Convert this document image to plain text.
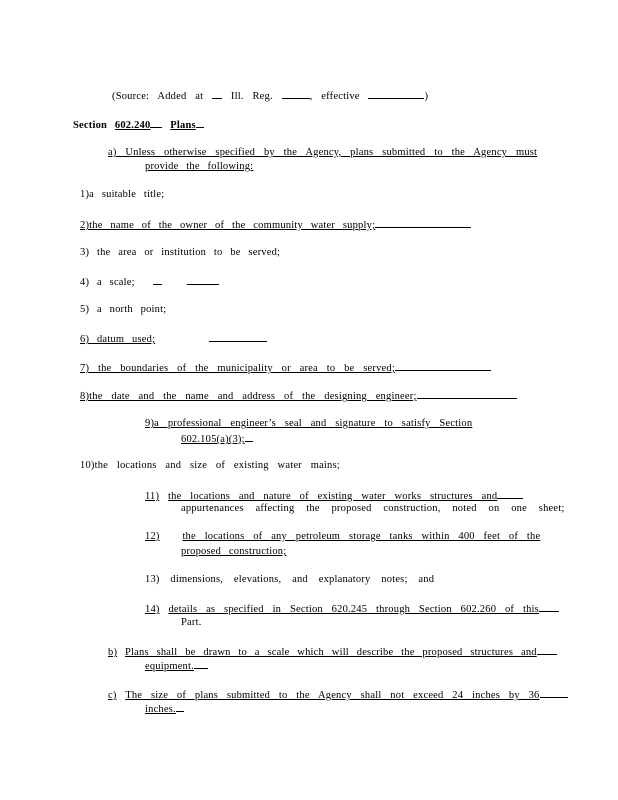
(Source: Added at	Ill. Reg.	, effective	)
Section 602.240 Plans
a) Unless otherwise specified by the Agency, plans submitted to the Agency must
provide the following:
1)a suitable title;
2)the name of the owner of the community water supply;
3) the area or institution to be served;
4) a scale;
5) a north point;
6) datum used;
7) the boundaries of the municipality or area to be served;
8)the date and the name and address of the designing engineer;
9)a professional engineer’s seal and signature to satisfy Section
602.105(a)(3);
10)the locations and size of existing water mains;
11) the locations and nature of existing water works structures and
appurtenances affecting the proposed construction, noted on one sheet;
12) the locations of any petroleum storage tanks within 400 feet of the
proposed construction;
13) dimensions, elevations, and explanatory notes; and
14) details as specified in Section 620.245 through Section 602.260 of this
Part.
b) Plans shall be drawn to a scale which will describe the proposed structures and
equipment.
c) The size of plans submitted to the Agency shall not exceed 24 inches by 36
inches.
